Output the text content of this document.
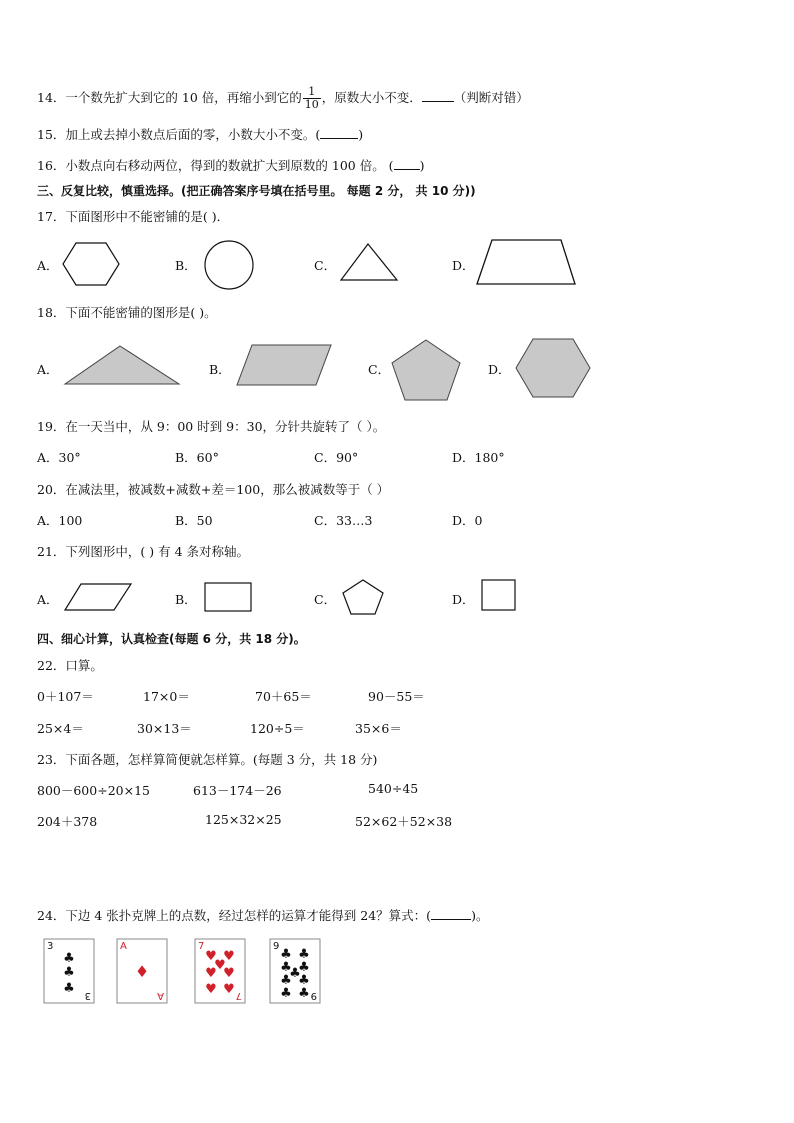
14．一个数先扩大到它的 10 倍，再缩小到它的 $\frac{1}{10}$ ，原数大小不变．	（判断对错）
15．加上或去掉小数点后面的零，小数大小不变。(	)
16．小数点向右移动两位，得到的数就扩大到原数的 100 倍。 ( )
三、反复比较，慎重选择。(把正确答案序号填在括号里。 每题 2 分， 共 10 分))
17．下面图形中不能密铺的是( )．
A．	B．	C．	D．
18．下面不能密铺的图形是( )。
A．	B．	C．	D．
19．在一天当中，从 9：00 时到 9：30，分针共旋转了（ ）。
A．30°	B．60°	C．90°	D．180°
20．在减法里，被减数+减数+差＝100，那么被减数等于（ ）
A．100	B．50	C．33…3	D．0
21．下列图形中，( ) 有 4 条对称轴。
A．	B．	C．	D．
四、细心计算，认真检查(每题 6 分，共 18 分)。
22．口算。
0＋107＝	17×0＝	70＋65＝	90－55＝
25×4＝	30×13＝	120÷5＝	35×6＝
23．下面各题，怎样算简便就怎样算。(每题 3 分，共 18 分)
800－600÷20×15	613－174－26	540÷45
204＋378	125×32×25	52×62＋52×38
24．下边 4 张扑克牌上的点数，经过怎样的运算才能得到 24？算式：(	)。
3
3
♣
♣
♣
A
A
♦
7
7
♥ ♥
♥
♥ ♥
♥ ♥
9
9
♣ ♣
♣ ♣
♣
♣ ♣
♣ ♣
